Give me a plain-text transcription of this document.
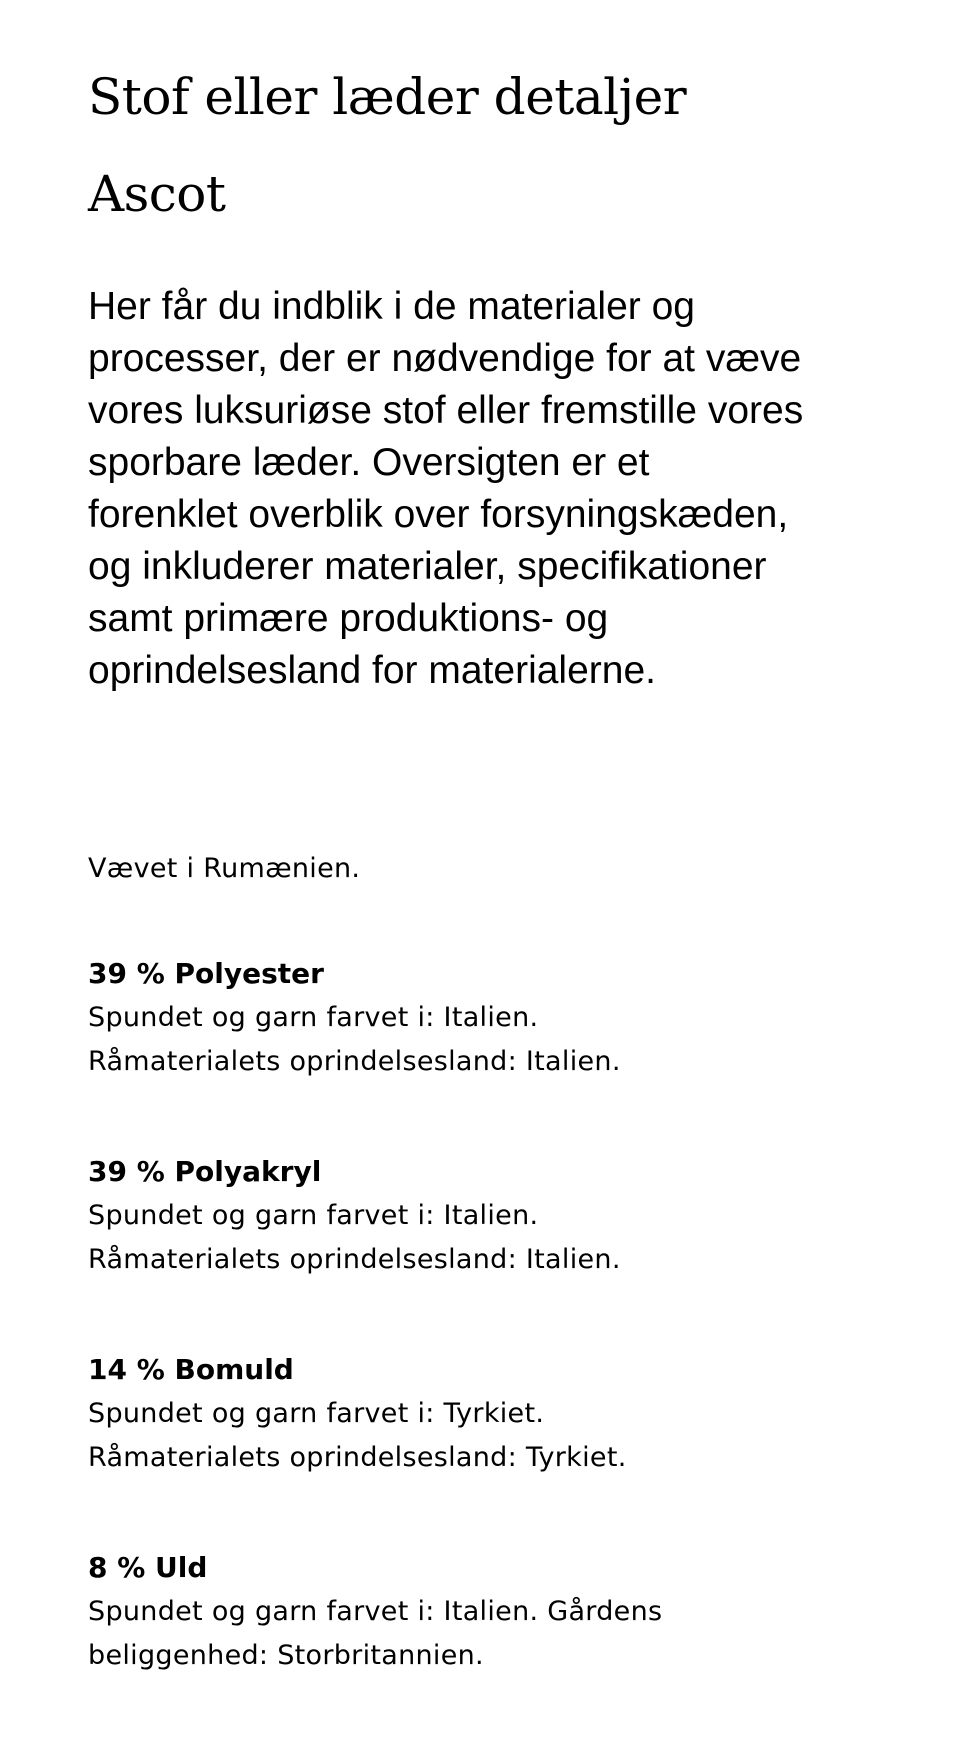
Stof eller læder detaljer
Ascot

Her får du indblik i de materialer og processer, der er nødvendige for at væve vores luksuriøse stof eller fremstille vores sporbare læder. Oversigten er et forenklet overblik over forsyningskæden, og inkluderer materialer, specifikationer samt primære produktions- og oprindelsesland for materialerne.

Vævet i Rumænien.

39 % Polyester

Spundet og garn farvet i: Italien.

Råmaterialets oprindelsesland: Italien.

39 % Polyakryl

Spundet og garn farvet i: Italien.

Råmaterialets oprindelsesland: Italien.

14 % Bomuld

Spundet og garn farvet i: Tyrkiet.

Råmaterialets oprindelsesland: Tyrkiet.

8 % Uld

Spundet og garn farvet i: Italien. Gårdens beliggenhed: Storbritannien.
